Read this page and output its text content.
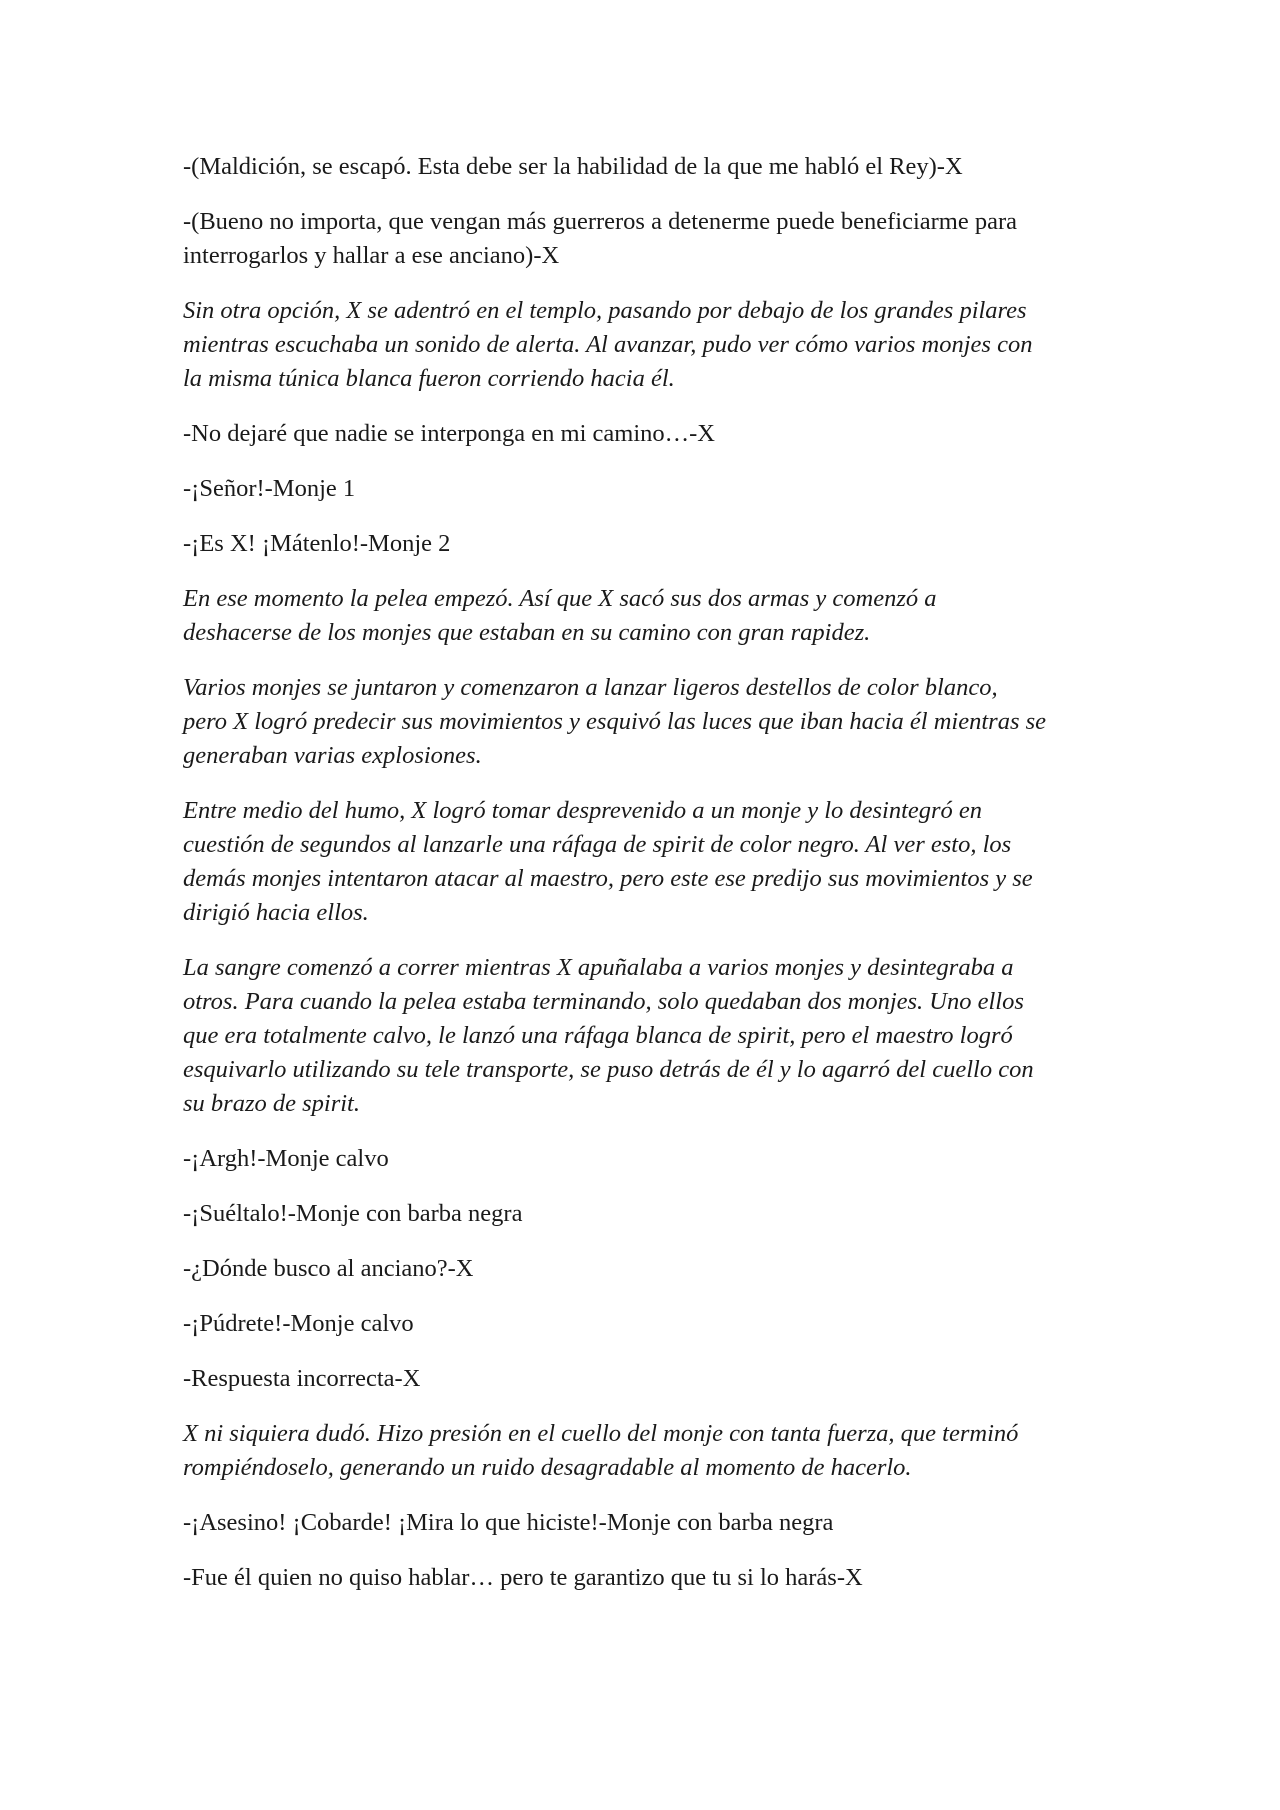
-(Maldición, se escapó. Esta debe ser la habilidad de la que me habló el Rey)-X

-(Bueno no importa, que vengan más guerreros a detenerme puede beneficiarme para
interrogarlos y hallar a ese anciano)-X

Sin otra opción, X se adentró en el templo, pasando por debajo de los grandes pilares
mientras escuchaba un sonido de alerta. Al avanzar, pudo ver cómo varios monjes con
la misma túnica blanca fueron corriendo hacia él.

-No dejaré que nadie se interponga en mi camino…-X

-¡Señor!-Monje 1

-¡Es X! ¡Mátenlo!-Monje 2

En ese momento la pelea empezó. Así que X sacó sus dos armas y comenzó a
deshacerse de los monjes que estaban en su camino con gran rapidez.

Varios monjes se juntaron y comenzaron a lanzar ligeros destellos de color blanco,
pero X logró predecir sus movimientos y esquivó las luces que iban hacia él mientras se
generaban varias explosiones.

Entre medio del humo, X logró tomar desprevenido a un monje y lo desintegró en
cuestión de segundos al lanzarle una ráfaga de spirit de color negro. Al ver esto, los
demás monjes intentaron atacar al maestro, pero este ese predijo sus movimientos y se
dirigió hacia ellos.

La sangre comenzó a correr mientras X apuñalaba a varios monjes y desintegraba a
otros. Para cuando la pelea estaba terminando, solo quedaban dos monjes. Uno ellos
que era totalmente calvo, le lanzó una ráfaga blanca de spirit, pero el maestro logró
esquivarlo utilizando su tele transporte, se puso detrás de él y lo agarró del cuello con
su brazo de spirit.

-¡Argh!-Monje calvo

-¡Suéltalo!-Monje con barba negra

-¿Dónde busco al anciano?-X

-¡Púdrete!-Monje calvo

-Respuesta incorrecta-X

X ni siquiera dudó. Hizo presión en el cuello del monje con tanta fuerza, que terminó
rompiéndoselo, generando un ruido desagradable al momento de hacerlo.

-¡Asesino! ¡Cobarde! ¡Mira lo que hiciste!-Monje con barba negra

-Fue él quien no quiso hablar… pero te garantizo que tu si lo harás-X
